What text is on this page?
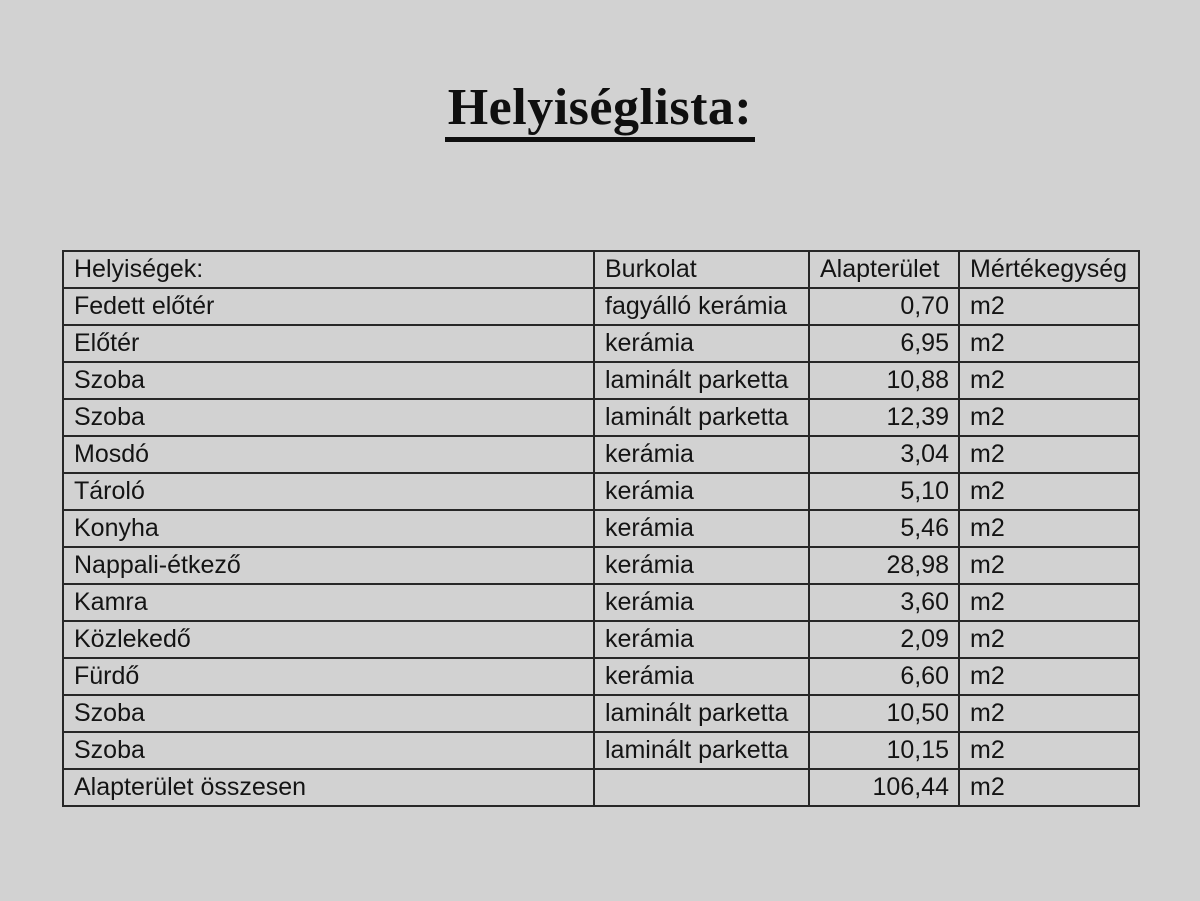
Helyiséglista:
Helyiségek:	Burkolat	Alapterület	Mértékegység
Fedett előtér	fagyálló kerámia	0,70	m2
Előtér	kerámia	6,95	m2
Szoba	laminált parketta	10,88	m2
Szoba	laminált parketta	12,39	m2
Mosdó	kerámia	3,04	m2
Tároló	kerámia	5,10	m2
Konyha	kerámia	5,46	m2
Nappali-étkező	kerámia	28,98	m2
Kamra	kerámia	3,60	m2
Közlekedő	kerámia	2,09	m2
Fürdő	kerámia	6,60	m2
Szoba	laminált parketta	10,50	m2
Szoba	laminált parketta	10,15	m2
Alapterület összesen		106,44	m2
